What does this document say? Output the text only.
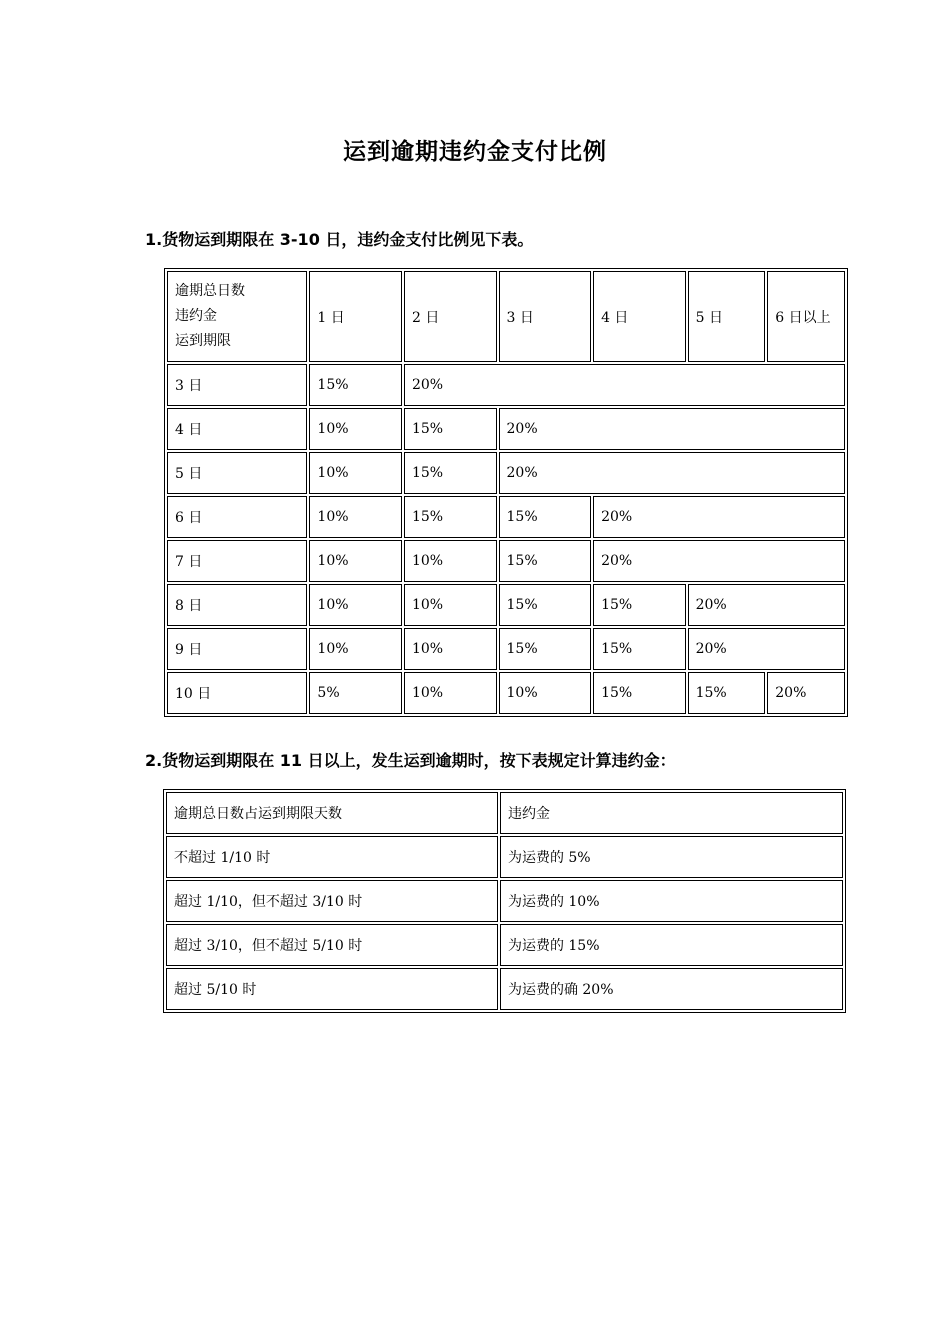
运到逾期违约金支付比例
1.货物运到期限在 3-10 日，违约金支付比例见下表。
逾期总日数
违约金
运到期限	1 日	2 日	3 日	4 日	5 日	6 日以上
3 日	15%	20%				
4 日	10%	15%	20%			
5 日	10%	15%	20%			
6 日	10%	15%	15%	20%		
7 日	10%	10%	15%	20%		
8 日	10%	10%	15%	15%	20%	
9 日	10%	10%	15%	15%	20%	
10 日	5%	10%	10%	15%	15%	20%
2.货物运到期限在 11 日以上，发生运到逾期时，按下表规定计算违约金：
逾期总日数占运到期限天数	违约金
不超过 1/10 时	为运费的 5%
超过 1/10，但不超过 3/10 时	为运费的 10%
超过 3/10，但不超过 5/10 时	为运费的 15%
超过 5/10 时	为运费的确 20%
